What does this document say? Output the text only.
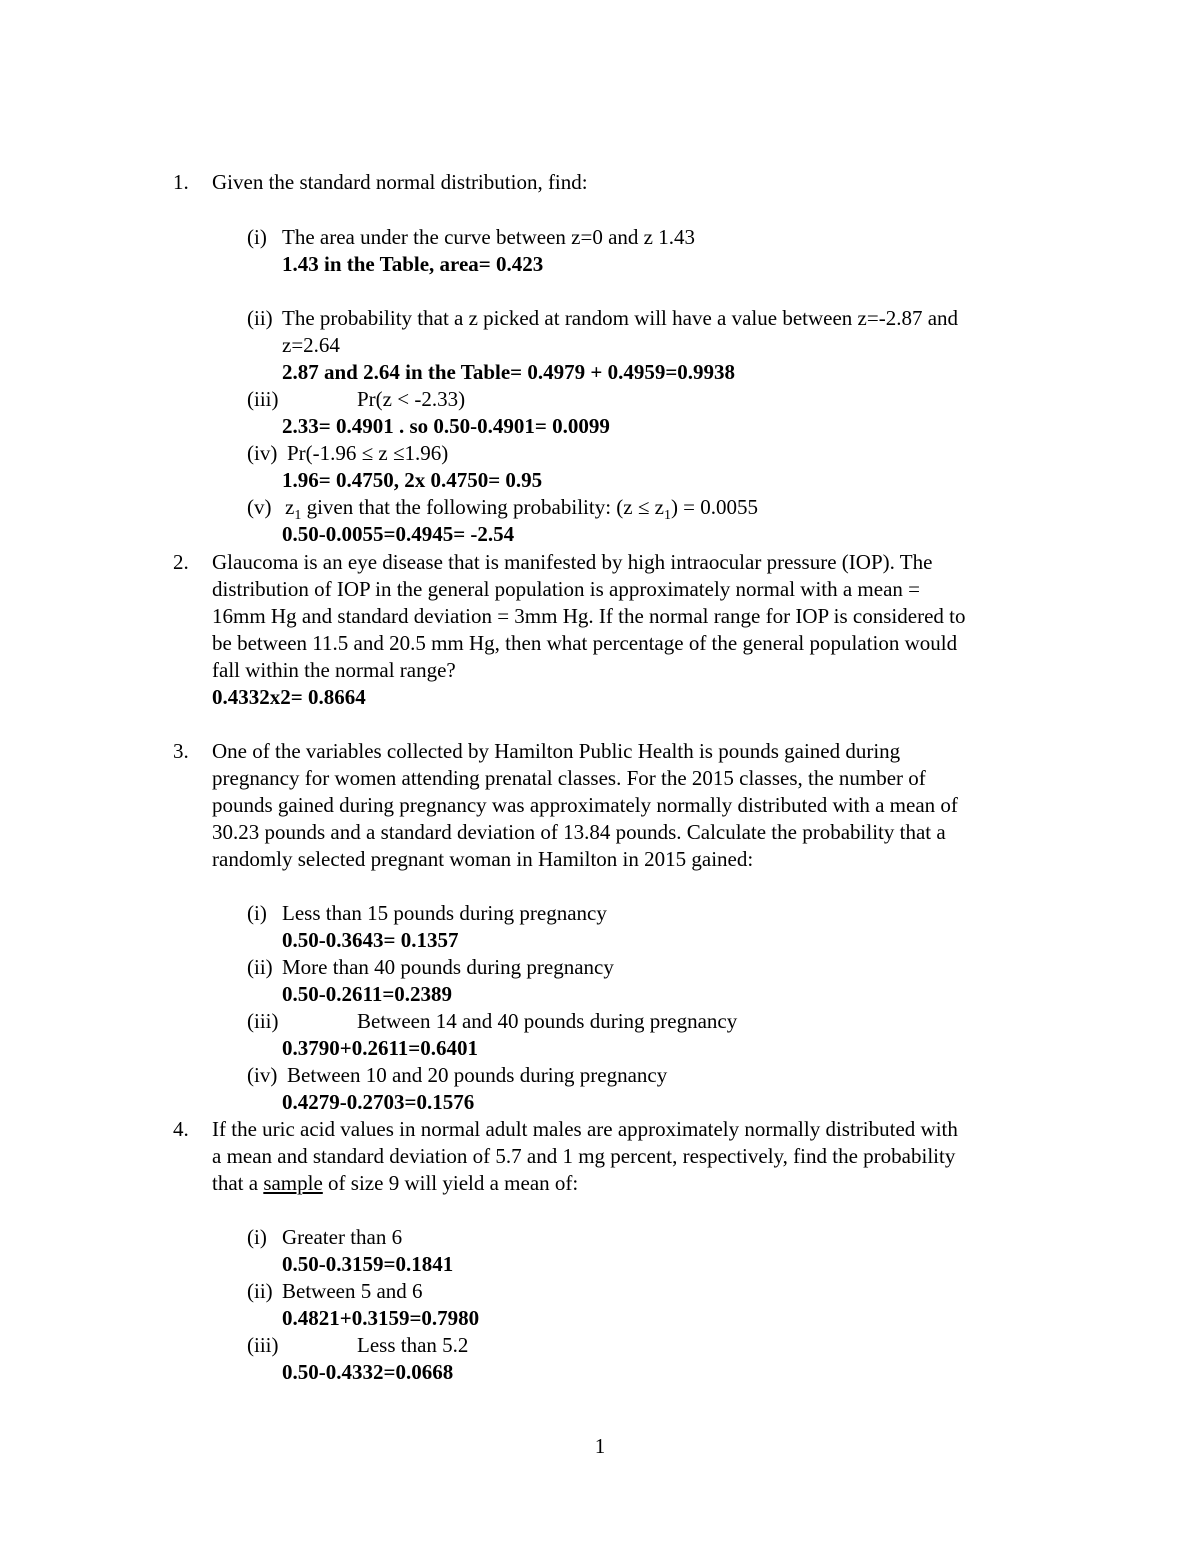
1. Given the standard normal distribution, find:
(i) The area under the curve between z=0 and z 1.43
1.43 in the Table, area= 0.423
(ii) The probability that a z picked at random will have a value between z=-2.87 and
z=2.64
2.87 and 2.64 in the Table= 0.4979 + 0.4959=0.9938
(iii)	Pr(z < -2.33)
2.33= 0.4901 . so 0.50-0.4901= 0.0099
(iv) Pr(-1.96 ≤ z ≤1.96)
1.96= 0.4750, 2x 0.4750= 0.95
(v) $z_1$ given that the following probability: $(z \le z_1) = 0.0055$
0.50-0.0055=0.4945= -2.54
2. Glaucoma is an eye disease that is manifested by high intraocular pressure (IOP). The
distribution of IOP in the general population is approximately normal with a mean =
16mm Hg and standard deviation = 3mm Hg. If the normal range for IOP is considered to
be between 11.5 and 20.5 mm Hg, then what percentage of the general population would
fall within the normal range?
0.4332x2= 0.8664
3. One of the variables collected by Hamilton Public Health is pounds gained during
pregnancy for women attending prenatal classes. For the 2015 classes, the number of
pounds gained during pregnancy was approximately normally distributed with a mean of
30.23 pounds and a standard deviation of 13.84 pounds. Calculate the probability that a
randomly selected pregnant woman in Hamilton in 2015 gained:
(i) Less than 15 pounds during pregnancy
0.50-0.3643= 0.1357
(ii) More than 40 pounds during pregnancy
0.50-0.2611=0.2389
(iii)	Between 14 and 40 pounds during pregnancy
0.3790+0.2611=0.6401
(iv) Between 10 and 20 pounds during pregnancy
0.4279-0.2703=0.1576
4. If the uric acid values in normal adult males are approximately normally distributed with
a mean and standard deviation of 5.7 and 1 mg percent, respectively, find the probability
that a sample of size 9 will yield a mean of:
(i) Greater than 6
0.50-0.3159=0.1841
(ii) Between 5 and 6
0.4821+0.3159=0.7980
(iii)	Less than 5.2
0.50-0.4332=0.0668
1
